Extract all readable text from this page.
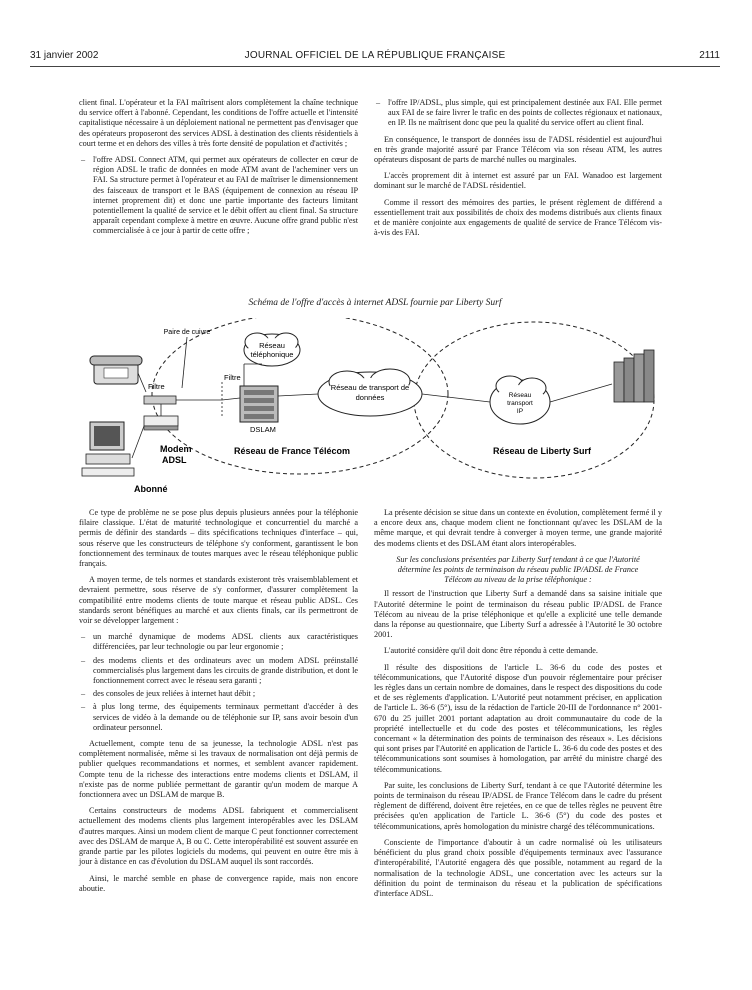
31 janvier 2002	JOURNAL OFFICIEL DE LA RÉPUBLIQUE FRANÇAISE	2111

client final. L'opérateur et la FAI maîtrisent alors complètement la chaîne technique du service offert à l'abonné. Cependant, les conditions de l'offre actuelle et l'intensité capitalistique nécessaire à un déploiement national ne permettent pas d'envisager que des opérateurs proposeront des services ADSL à destination des clients résidentiels à court terme et en dehors des villes à très forte densité de population et d'activités ;

– l'offre ADSL Connect ATM, qui permet aux opérateurs de collecter en cœur de région ADSL le trafic de données en mode ATM avant de l'acheminer vers un FAI. Sa structure permet à l'opérateur et au FAI de maîtriser le dimensionnement des faisceaux de transport et le BAS (équipement de connexion au réseau IP internet proprement dit) et donc une partie importante des facteurs limitant potentiellement la qualité de service et le débit offert au client final. Sa structure apparaît cependant complexe à mettre en œuvre. Aucune offre grand public n'est commercialisée à ce jour à partir de cette offre ;
– l'offre IP/ADSL, plus simple, qui est principalement destinée aux FAI. Elle permet aux FAI de se faire livrer le trafic en des points de collectes régionaux et nationaux, en IP. Ils ne maîtrisent donc que peu la qualité du service offert au client final.

En conséquence, le transport de données issu de l'ADSL résidentiel est aujourd'hui en très grande majorité assuré par France Télécom via son réseau ATM, les autres opérateurs disposant de parts de marché nulles ou marginales.

L'accès proprement dit à internet est assuré par un FAI. Wanadoo est largement dominant sur le marché de l'ADSL résidentiel.

Comme il ressort des mémoires des parties, le présent règlement de différend a essentiellement trait aux possibilités de choix des modems distribués aux clients finaux et de manière conjointe aux engagements de qualité de service de France Télécom vis-à-vis des FAI.

Schéma de l'offre d'accès à internet ADSL fournie par Liberty Surf
Réseau
téléphonique
Réseau de transport de
données	Réseau
transport
IP
Paire de cuivre
Filtre
Filtre
DSLAM
Réseau de France Télécom	Réseau de Liberty Surf
Modem
ADSL
Abonné

Ce type de problème ne se pose plus depuis plusieurs années pour la téléphonie filaire classique. L'état de maturité technologique et concurrentiel du marché a permis de définir des standards – dits spécifications techniques d'interface – qui, sous réserve que les constructeurs de téléphone s'y conforment, garantissent le bon fonctionnement des terminaux de toutes marques avec le réseau téléphonique public français.

A moyen terme, de tels normes et standards existeront très vraisemblablement et devraient permettre, sous réserve de s'y conformer, d'assurer complètement la compatibilité entre modems clients de toute marque et réseau public ADSL. Ces standards seront bénéfiques au marché et aux clients finals, car ils permettront de voir se développer largement :

– un marché dynamique de modems ADSL clients aux caractéristiques différenciées, par leur technologie ou par leur ergonomie ;
– des modems clients et des ordinateurs avec un modem ADSL préinstallé commercialisés plus largement dans les circuits de grande distribution, et dont le fonctionnement correct avec le réseau sera garanti ;
– des consoles de jeux reliées à internet haut débit ;
– à plus long terme, des équipements terminaux permettant d'accéder à des services de vidéo à la demande ou de téléphonie sur IP, sans avoir besoin d'un ordinateur personnel.

Actuellement, compte tenu de sa jeunesse, la technologie ADSL n'est pas complètement normalisée, même si les travaux de normalisation ont déjà permis de publier quelques recommandations et normes, et semblent avancer rapidement. Compte tenu de la richesse des interactions entre modems clients et DSLAM, il n'existe pas de norme publiée permettant de garantir qu'un modem de marque A fonctionnera avec un DSLAM de marque B.

Certains constructeurs de modems ADSL fabriquent et commercialisent actuellement des modems clients plus largement interopérables avec les DSLAM d'autres marques. Ainsi un modem client de marque C peut fonctionner correctement avec des DSLAM de marque A, B ou C. Cette interopérabilité est souvent assurée en grande partie par les pilotes logiciels du modems, qui peuvent en outre être mis à jour à distance en cas d'évolution du DSLAM auquel ils sont raccordés.

Ainsi, le marché semble en phase de convergence rapide, mais non encore aboutie.

La présente décision se situe dans un contexte en évolution, complètement fermé il y a encore deux ans, chaque modem client ne fonctionnant qu'avec les DSLAM de la même marque, et qui devrait tendre à converger à moyen terme, une grande majorité des modems clients et des DSLAM étant alors interopérables.

Sur les conclusions présentées par Liberty Surf tendant à ce que l'Autorité détermine les points de terminaison du réseau public IP/ADSL de France Télécom au niveau de la prise téléphonique :

Il ressort de l'instruction que Liberty Surf a demandé dans sa saisine initiale que l'Autorité détermine le point de terminaison du réseau public IP/ADSL de France Télécom au niveau de la prise téléphonique et qu'elle a explicité une telle demande dans la réponse au questionnaire, que Liberty Surf a adressée à l'Autorité le 30 octobre 2001.

L'autorité considère qu'il doit donc être répondu à cette demande.

Il résulte des dispositions de l'article L. 36-6 du code des postes et télécommunications, que l'Autorité dispose d'un pouvoir réglementaire pour préciser les règles dans un certain nombre de domaines, dans le respect des dispositions du code et de ses règlements d'application. L'Autorité peut notamment préciser, en application de l'article L. 36-6 (5°), issu de la rédaction de l'article 20-III de l'ordonnance n° 2001-670 du 25 juillet 2001 portant adaptation au droit communautaire du code de la propriété intellectuelle et du code des postes et télécommunications, les règles concernant « la détermination des points de terminaison des réseaux ». Les décisions qui sont prises par l'Autorité en application de l'article L. 36-6 du code des postes et des télécommunications sont soumises à homologation, par arrêté du ministre chargé des télécommunications.

Par suite, les conclusions de Liberty Surf, tendant à ce que l'Autorité détermine les points de terminaison du réseau IP/ADSL de France Télécom dans le cadre du présent règlement de différend, doivent être rejetées, en ce que de telles règles ne peuvent être précisées qu'en application de l'article L. 36-6 (5°) du code des postes et télécommunications, après homologation du ministre chargé des télécommunications.

Consciente de l'importance d'aboutir à un cadre normalisé où les utilisateurs bénéficient du plus grand choix possible d'équipements terminaux avec l'assurance d'interopérabilité, l'Autorité engagera dès que possible, notamment au regard de la normalisation de la technologie ADSL, une concertation avec les acteurs sur la définition du point de terminaison du réseau et la publication de spécifications d'interface ADSL.
